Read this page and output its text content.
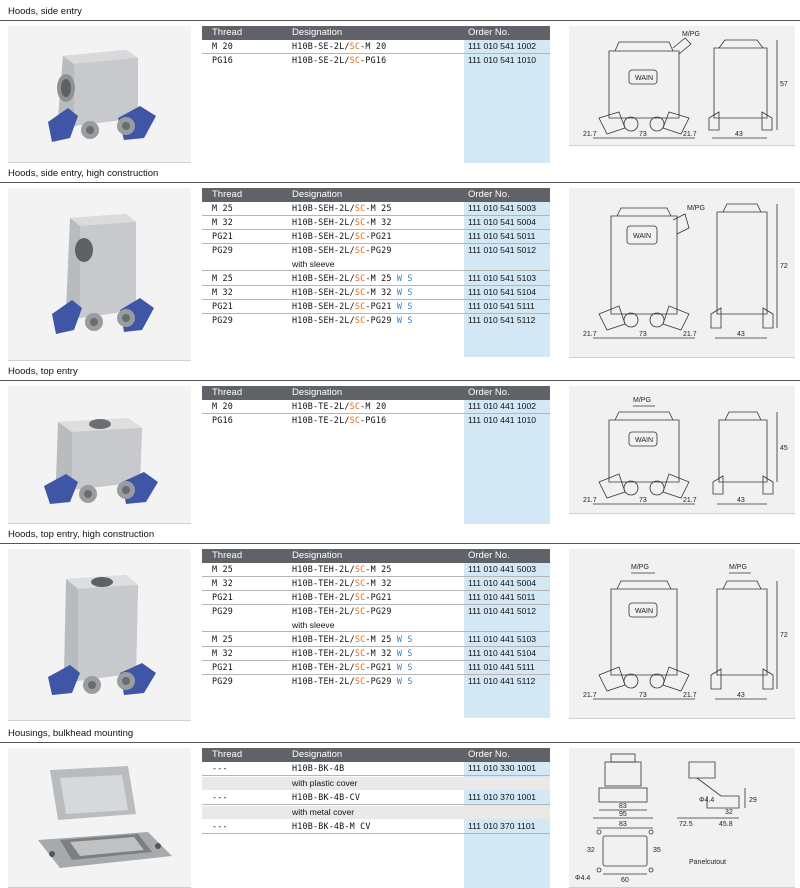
Hoods, side entry
Thread	Designation	Order No.
M 20	H10B-SE-2L/SC-M 20	111 010 541 1002
PG16	H10B-SE-2L/SC-PG16	111 010 541 1010
WAIN
M/PG
21.7	73	21.7	43
57
Hoods, side entry, high construction
Thread	Designation	Order No.
M 25	H10B-SEH-2L/SC-M 25	111 010 541 5003
M 32	H10B-SEH-2L/SC-M 32	111 010 541 5004
PG21	H10B-SEH-2L/SC-PG21	111 010 541 5011
PG29	H10B-SEH-2L/SC-PG29	111 010 541 5012
with sleeve
M 25	H10B-SEH-2L/SC-M 25 W S	111 010 541 5103
M 32	H10B-SEH-2L/SC-M 32 W S	111 010 541 5104
PG21	H10B-SEH-2L/SC-PG21 W S	111 010 541 5111
PG29	H10B-SEH-2L/SC-PG29 W S	111 010 541 5112
WAIN
M/PG
21.7	73	21.7	43
72
Hoods, top entry
Thread	Designation	Order No.
M 20	H10B-TE-2L/SC-M 20	111 010 441 1002
PG16	H10B-TE-2L/SC-PG16	111 010 441 1010
WAIN
M/PG
21.7	73	21.7	43
45
Hoods, top entry, high construction
Thread	Designation	Order No.
M 25	H10B-TEH-2L/SC-M 25	111 010 441 5003
M 32	H10B-TEH-2L/SC-M 32	111 010 441 5004
PG21	H10B-TEH-2L/SC-PG21	111 010 441 5011
PG29	H10B-TEH-2L/SC-PG29	111 010 441 5012
with sleeve
M 25	H10B-TEH-2L/SC-M 25 W S	111 010 441 5103
M 32	H10B-TEH-2L/SC-M 32 W S	111 010 441 5104
PG21	H10B-TEH-2L/SC-PG21 W S	111 010 441 5111
PG29	H10B-TEH-2L/SC-PG29 W S	111 010 441 5112
WAIN
M/PG	M/PG
21.7	73	21.7	43
72
Housings, bulkhead mounting
Thread	Designation	Order No.
---	H10B-BK-4B	111 010 330 1001
with plastic cover
---	H10B-BK-4B-CV	111 010 370 1001
with metal cover
---	H10B-BK-4B-M CV	111 010 370 1101
83
95
Φ4.4	29
32
72.5	45.8
83
32	35
Φ4.4	60
Panelcutout
